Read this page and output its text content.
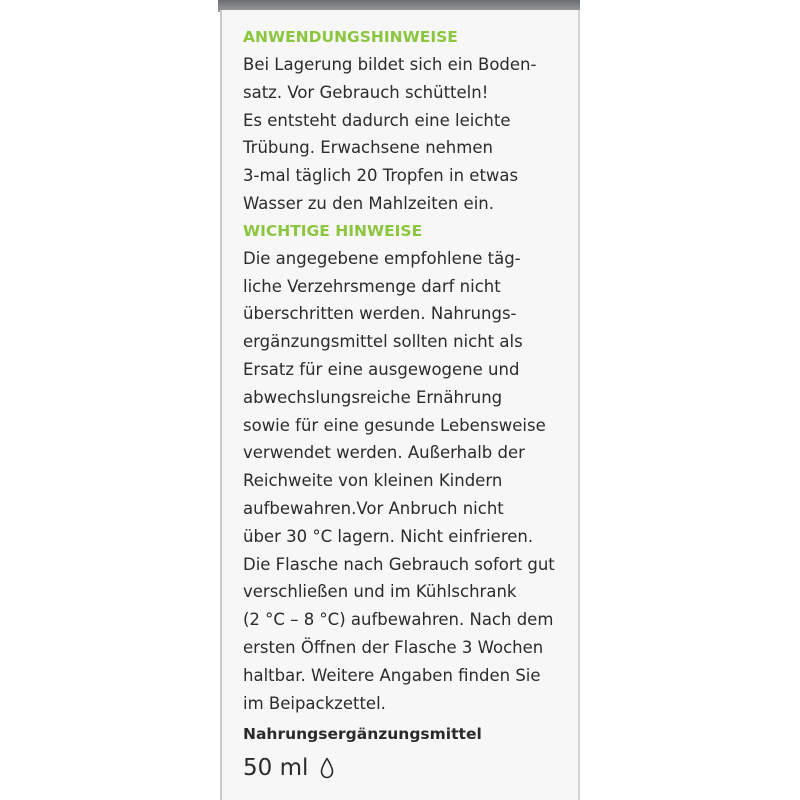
ANWENDUNGSHINWEISE
Bei Lagerung bildet sich ein Boden-
satz. Vor Gebrauch schütteln!
Es entsteht dadurch eine leichte
Trübung. Erwachsene nehmen
3-mal täglich 20 Tropfen in etwas
Wasser zu den Mahlzeiten ein.
WICHTIGE HINWEISE
Die angegebene empfohlene täg-
liche Verzehrsmenge darf nicht
überschritten werden. Nahrungs-
ergänzungsmittel sollten nicht als
Ersatz für eine ausgewogene und
abwechslungsreiche Ernährung
sowie für eine gesunde Lebensweise
verwendet werden. Außerhalb der
Reichweite von kleinen Kindern
aufbewahren.Vor Anbruch nicht
über 30 °C lagern. Nicht einfrieren.
Die Flasche nach Gebrauch sofort gut
verschließen und im Kühlschrank
(2 °C – 8 °C) aufbewahren. Nach dem
ersten Öffnen der Flasche 3 Wochen
haltbar. Weitere Angaben finden Sie
im Beipackzettel.
Nahrungsergänzungsmittel
50 ml
